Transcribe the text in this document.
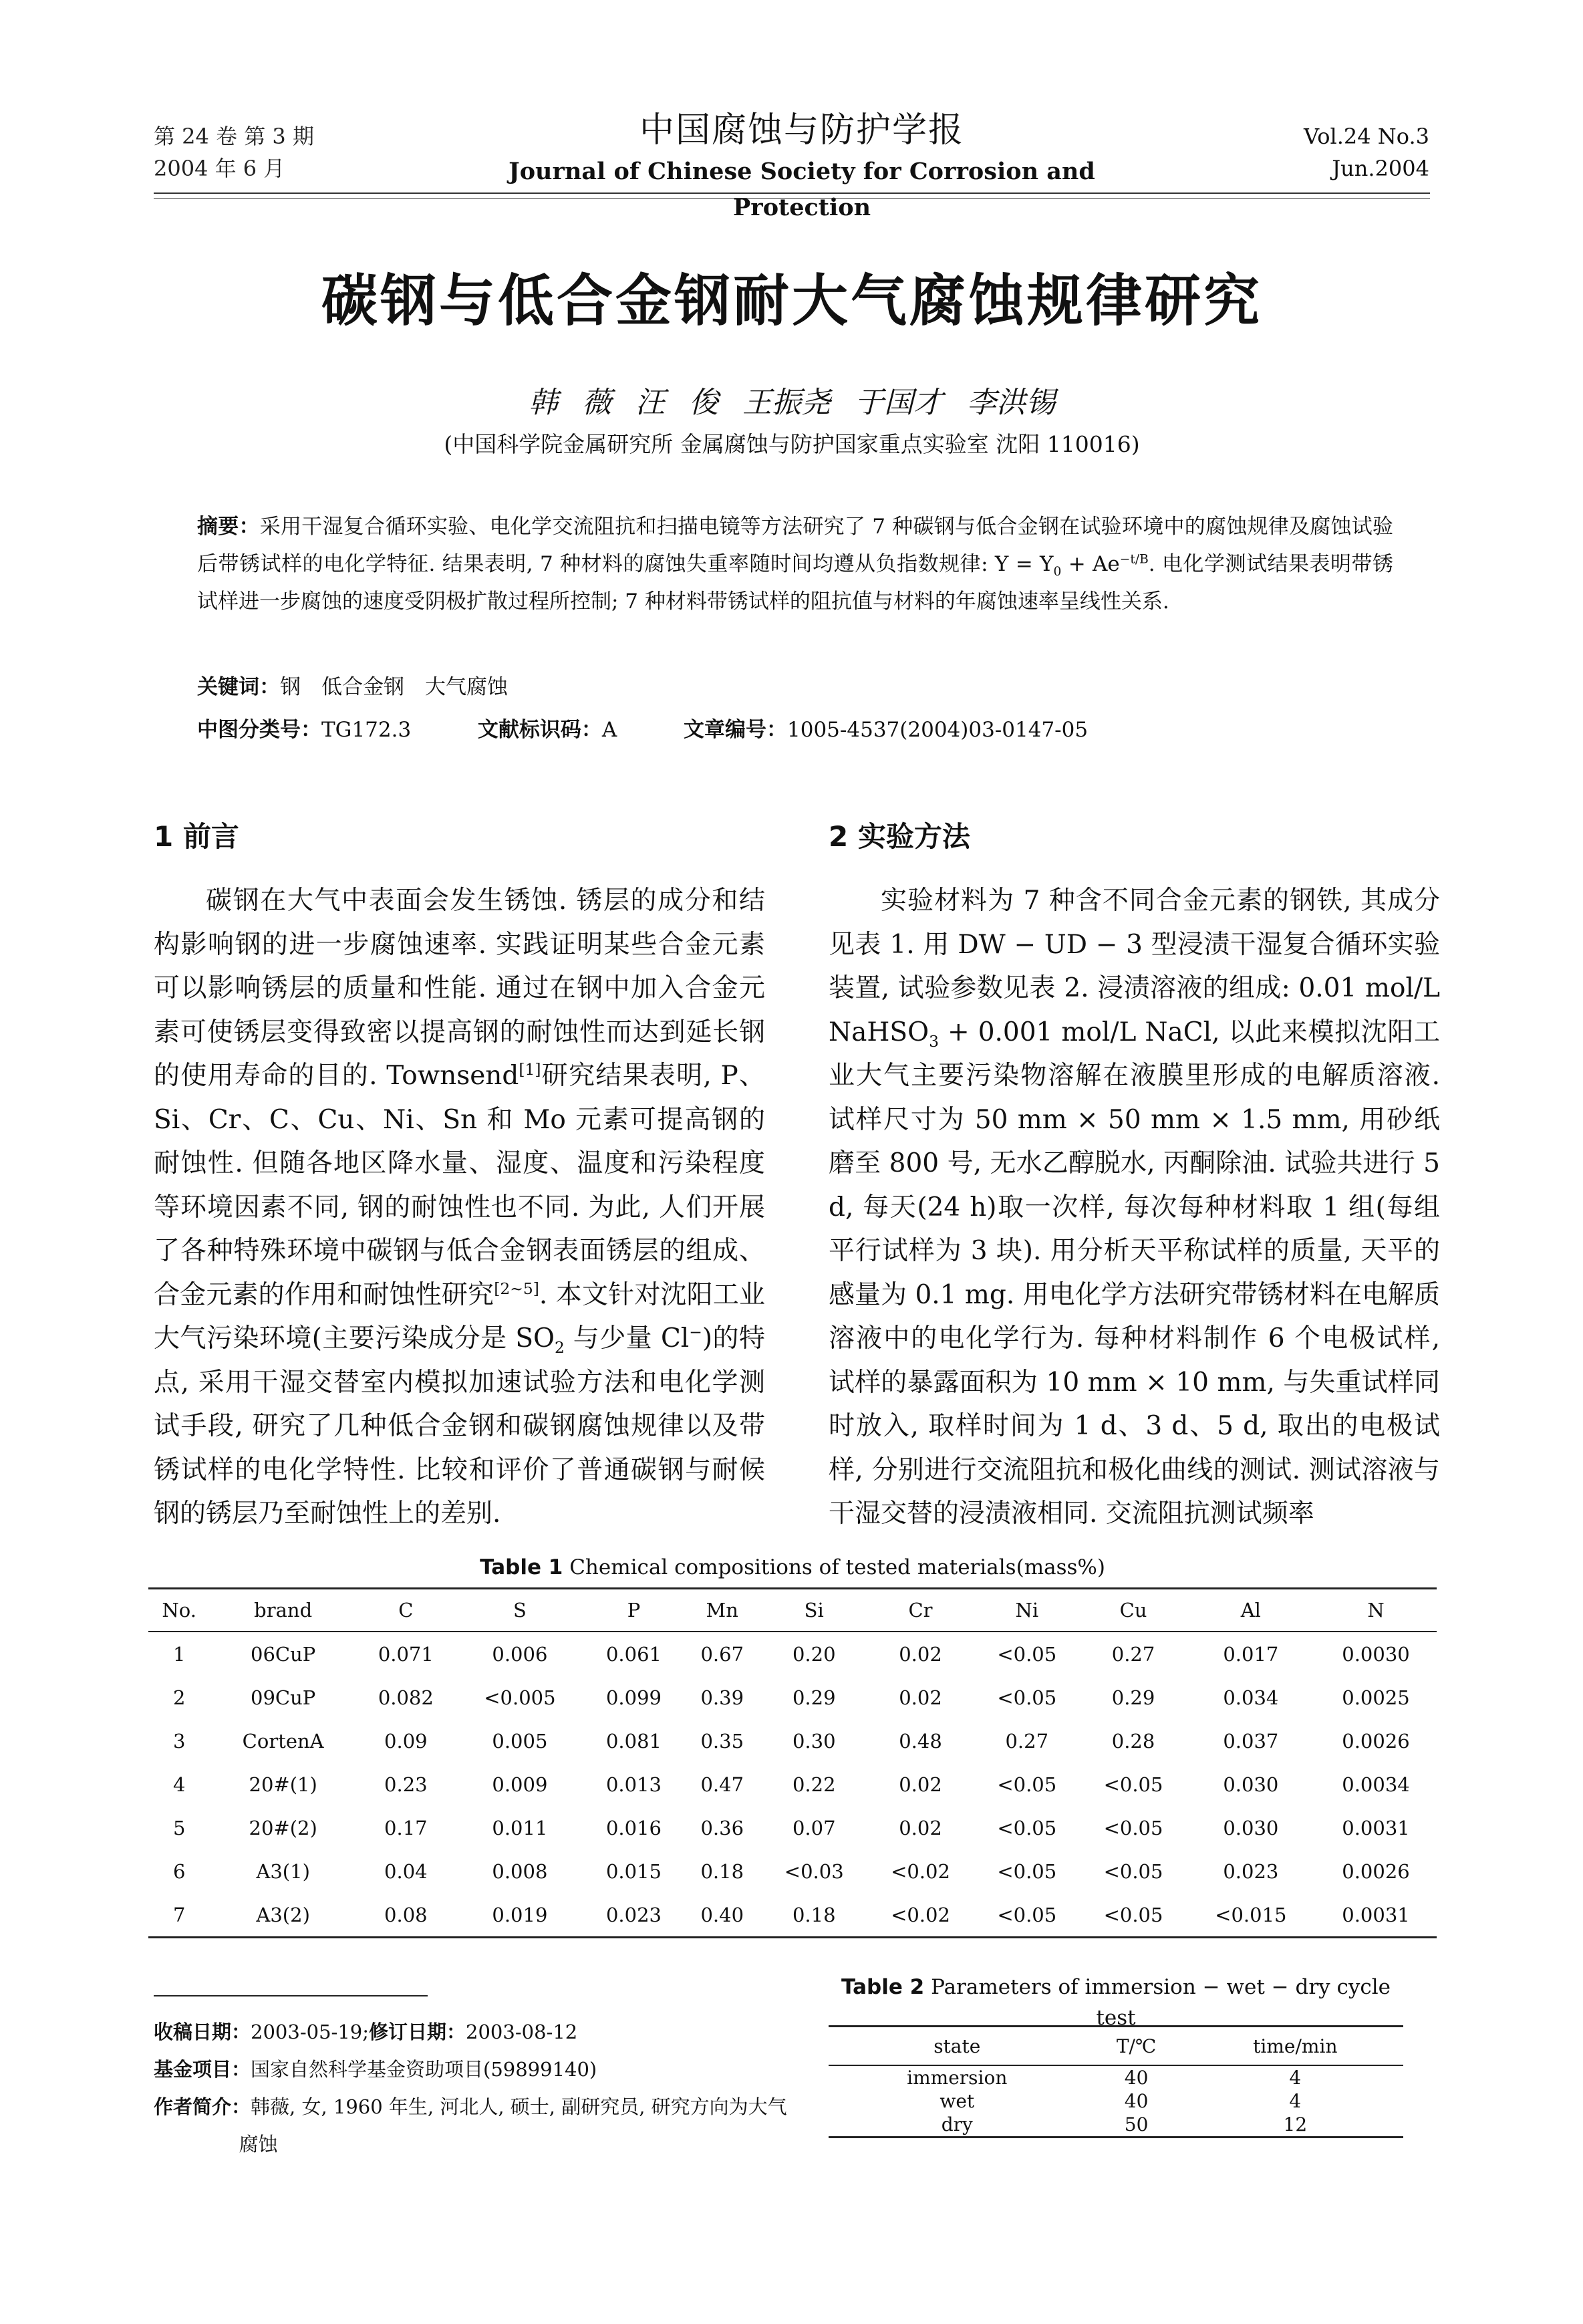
第 24 卷 第 3 期
2004 年 6 月
中国腐蚀与防护学报
Journal of Chinese Society for Corrosion and Protection
Vol.24 No.3
Jun.2004
碳钢与低合金钢耐大气腐蚀规律研究
韩 薇 汪 俊 王振尧 于国才 李洪锡
(中国科学院金属研究所 金属腐蚀与防护国家重点实验室 沈阳 110016)
摘要：采用干湿复合循环实验、电化学交流阻抗和扫描电镜等方法研究了 7 种碳钢与低合金钢在试验环境中的腐蚀规律及腐蚀试验后带锈试样的电化学特征. 结果表明, 7 种材料的腐蚀失重率随时间均遵从负指数规律: $Y = Y_0 + Ae^{-t/B}$. 电化学测试结果表明带锈试样进一步腐蚀的速度受阴极扩散过程所控制; 7 种材料带锈试样的阻抗值与材料的年腐蚀速率呈线性关系.
关键词：钢　低合金钢　大气腐蚀
中图分类号：TG172.3	文献标识码：A	文章编号：1005-4537(2004)03-0147-05
1 前言
碳钢在大气中表面会发生锈蚀. 锈层的成分和结构影响钢的进一步腐蚀速率. 实践证明某些合金元素可以影响锈层的质量和性能. 通过在钢中加入合金元素可使锈层变得致密以提高钢的耐蚀性而达到延长钢的使用寿命的目的. Townsend[1]研究结果表明, P、Si、Cr、C、Cu、Ni、Sn 和 Mo 元素可提高钢的耐蚀性. 但随各地区降水量、湿度、温度和污染程度等环境因素不同, 钢的耐蚀性也不同. 为此, 人们开展了各种特殊环境中碳钢与低合金钢表面锈层的组成、合金元素的作用和耐蚀性研究[2~5]. 本文针对沈阳工业大气污染环境(主要污染成分是 $SO_2$ 与少量 Cl−)的特点, 采用干湿交替室内模拟加速试验方法和电化学测试手段, 研究了几种低合金钢和碳钢腐蚀规律以及带锈试样的电化学特性. 比较和评价了普通碳钢与耐候钢的锈层乃至耐蚀性上的差别.
2 实验方法
实验材料为 7 种含不同合金元素的钢铁, 其成分见表 1. 用 DW − UD − 3 型浸渍干湿复合循环实验装置, 试验参数见表 2. 浸渍溶液的组成: 0.01 mol/L NaHSO$_3$ + 0.001 mol/L NaCl, 以此来模拟沈阳工业大气主要污染物溶解在液膜里形成的电解质溶液. 试样尺寸为 50 mm × 50 mm × 1.5 mm, 用砂纸磨至 800 号, 无水乙醇脱水, 丙酮除油. 试验共进行 5 d, 每天(24 h)取一次样, 每次每种材料取 1 组(每组平行试样为 3 块). 用分析天平称试样的质量, 天平的感量为 0.1 mg. 用电化学方法研究带锈材料在电解质溶液中的电化学行为. 每种材料制作 6 个电极试样, 试样的暴露面积为 10 mm × 10 mm, 与失重试样同时放入, 取样时间为 1 d、3 d、5 d, 取出的电极试样, 分别进行交流阻抗和极化曲线的测试. 测试溶液与干湿交替的浸渍液相同. 交流阻抗测试频率
Table 1 Chemical compositions of tested materials(mass%)
No.	brand	C	S	P	Mn	Si	Cr	Ni	Cu	Al	N
1	06CuP	0.071	0.006	0.061	0.67	0.20	0.02	<0.05	0.27	0.017	0.0030
2	09CuP	0.082	<0.005	0.099	0.39	0.29	0.02	<0.05	0.29	0.034	0.0025
3	CortenA	0.09	0.005	0.081	0.35	0.30	0.48	0.27	0.28	0.037	0.0026
4	20#(1)	0.23	0.009	0.013	0.47	0.22	0.02	<0.05	<0.05	0.030	0.0034
5	20#(2)	0.17	0.011	0.016	0.36	0.07	0.02	<0.05	<0.05	0.030	0.0031
6	A3(1)	0.04	0.008	0.015	0.18	<0.03	<0.02	<0.05	<0.05	0.023	0.0026
7	A3(2)	0.08	0.019	0.023	0.40	0.18	<0.02	<0.05	<0.05	<0.015	0.0031
收稿日期：2003-05-19;修订日期：2003-08-12
基金项目：国家自然科学基金资助项目(59899140)
作者简介：韩薇, 女, 1960 年生, 河北人, 硕士, 副研究员, 研究方向为大气腐蚀
Table 2 Parameters of immersion − wet − dry cycle test
state	T/℃	time/min
immersion	40	4
wet	40	4
dry	50	12
